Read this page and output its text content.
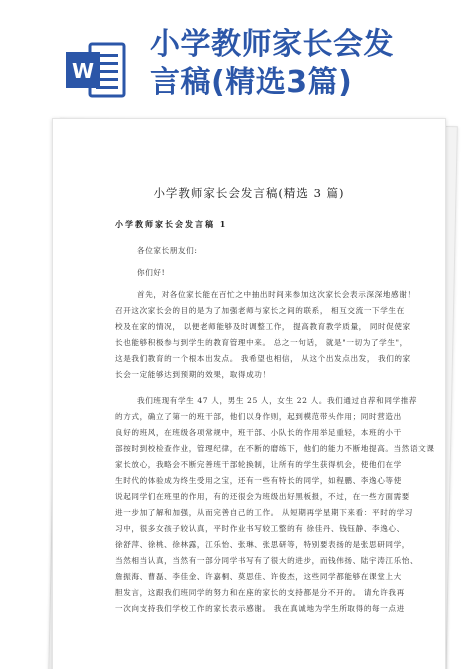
W
小学教师家长会发
言稿(精选3篇)
小学教师家长会发言稿(精选 3 篇)
小学教师家长会发言稿 1
各位家长朋友们:
你们好!
首先，对各位家长能在百忙之中抽出时间来参加这次家长会表示深深地感谢！
召开这次家长会的目的是为了加强老师与家长之间的联系， 相互交流一下学生在
校及在家的情况， 以便老师能够及时调整工作， 提高教育教学质量， 同时促使家
长也能够积极参与到学生的教育管理中来。 总之一句话， 就是"一切为了学生"，
这是我们教育的一个根本出发点。 我希望也相信， 从这个出发点出发， 我们的家
长会一定能够达到预期的效果，取得成功！
我们班现有学生 47 人，男生 25 人，女生 22 人。我们通过自荐和同学推荐
的方式，确立了第一的班干部，他们以身作则，起到模范带头作用；同时营造出
良好的班风，在班级各项常规中，班干部、小队长的作用举足重轻，本班的小干
部按时到校检查作业，管理纪律，在不断的磨练下，他们的能力不断地提高。当然语文课
家长放心，我略会不断完善班干部轮换制，让所有的学生获得机会，使他们在学
生时代的体验成为终生受用之宝，还有一些有特长的同学，如程鹏、李逸心等使
说起同学们在班里的作用，有的还很会为班级出好黑板报，不过，在一些方面需要
进一步加了解和加强，从而完善自己的工作。 从短期再学星期下来看：平时的学习
习中，很多女孩子较认真，平时作业书写较工整的有 徐佳丹、钱钰静、李逸心、
徐舒萍、徐桃、徐林露，江乐怡、张琳、张思研等，特别要表扬的是张思研同学，
当然相当认真，当然有一部分同学书写有了很大的进步，而钱伟扬、陆宇涛江乐怡、
詹振海、曹磊、李佳金、许嘉桐、莫思佳、许俊杰，这些同学都能够在课堂上大
胆发言，这跟我们班同学的努力和在座的家长的支持都是分不开的。 请允许我再
一次向支持我们学校工作的家长表示感谢。 我在真诚地为学生所取得的每一点进
